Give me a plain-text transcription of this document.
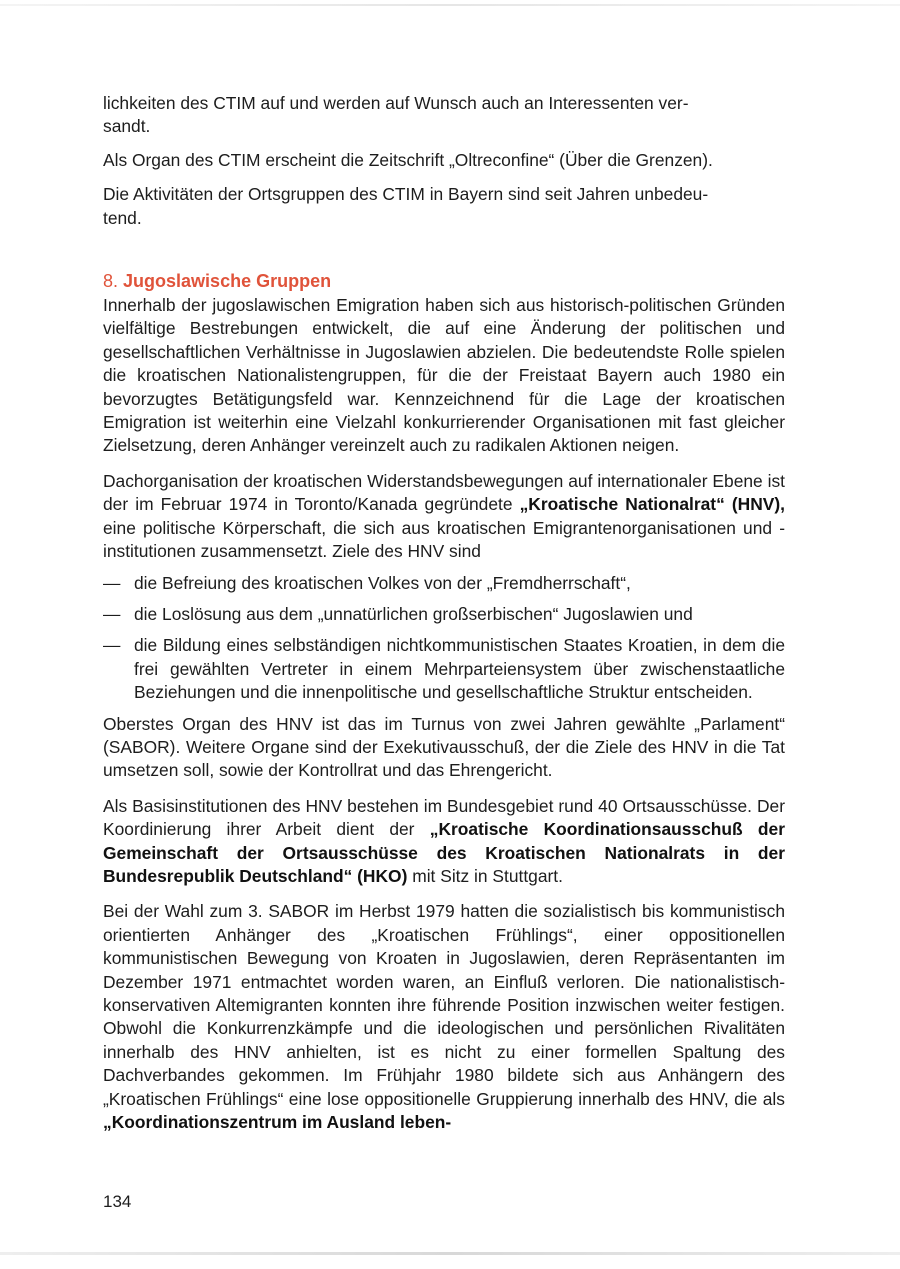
lichkeiten des CTIM auf und werden auf Wunsch auch an Interessenten ver-
sandt.

Als Organ des CTIM erscheint die Zeitschrift „Oltreconfine“ (Über die Grenzen).

Die Aktivitäten der Ortsgruppen des CTIM in Bayern sind seit Jahren unbedeu-
tend.

8. Jugoslawische Gruppen

Innerhalb der jugoslawischen Emigration haben sich aus historisch-politischen Gründen vielfältige Bestrebungen entwickelt, die auf eine Änderung der politischen und gesellschaftlichen Verhältnisse in Jugoslawien abzielen. Die bedeutendste Rolle spielen die kroatischen Nationalistengruppen, für die der Freistaat Bayern auch 1980 ein bevorzugtes Betätigungsfeld war. Kennzeichnend für die Lage der kroatischen Emigration ist weiterhin eine Vielzahl konkurrierender Organisationen mit fast gleicher Zielsetzung, deren Anhänger vereinzelt auch zu radikalen Aktionen neigen.

Dachorganisation der kroatischen Widerstandsbewegungen auf internationaler Ebene ist der im Februar 1974 in Toronto/Kanada gegründete „Kroatische Nationalrat“ (HNV), eine politische Körperschaft, die sich aus kroatischen Emigrantenorganisationen und -institutionen zusammensetzt. Ziele des HNV sind

— die Befreiung des kroatischen Volkes von der „Fremdherrschaft“,
— die Loslösung aus dem „unnatürlichen großserbischen“ Jugoslawien und
— die Bildung eines selbständigen nichtkommunistischen Staates Kroatien, in dem die frei gewählten Vertreter in einem Mehrparteiensystem über zwischenstaatliche Beziehungen und die innenpolitische und gesellschaftliche Struktur entscheiden.

Oberstes Organ des HNV ist das im Turnus von zwei Jahren gewählte „Parlament“ (SABOR). Weitere Organe sind der Exekutivausschuß, der die Ziele des HNV in die Tat umsetzen soll, sowie der Kontrollrat und das Ehrengericht.

Als Basisinstitutionen des HNV bestehen im Bundesgebiet rund 40 Ortsausschüsse. Der Koordinierung ihrer Arbeit dient der „Kroatische Koordinationsausschuß der Gemeinschaft der Ortsausschüsse des Kroatischen Nationalrats in der Bundesrepublik Deutschland“ (HKO) mit Sitz in Stuttgart.

Bei der Wahl zum 3. SABOR im Herbst 1979 hatten die sozialistisch bis kommunistisch orientierten Anhänger des „Kroatischen Frühlings“, einer oppositionellen kommunistischen Bewegung von Kroaten in Jugoslawien, deren Repräsentanten im Dezember 1971 entmachtet worden waren, an Einfluß verloren. Die nationalistisch-konservativen Altemigranten konnten ihre führende Position inzwischen weiter festigen. Obwohl die Konkurrenzkämpfe und die ideologischen und persönlichen Rivalitäten innerhalb des HNV anhielten, ist es nicht zu einer formellen Spaltung des Dachverbandes gekommen. Im Frühjahr 1980 bildete sich aus Anhängern des „Kroatischen Frühlings“ eine lose oppositionelle Gruppierung innerhalb des HNV, die als „Koordinationszentrum im Ausland leben-

134
